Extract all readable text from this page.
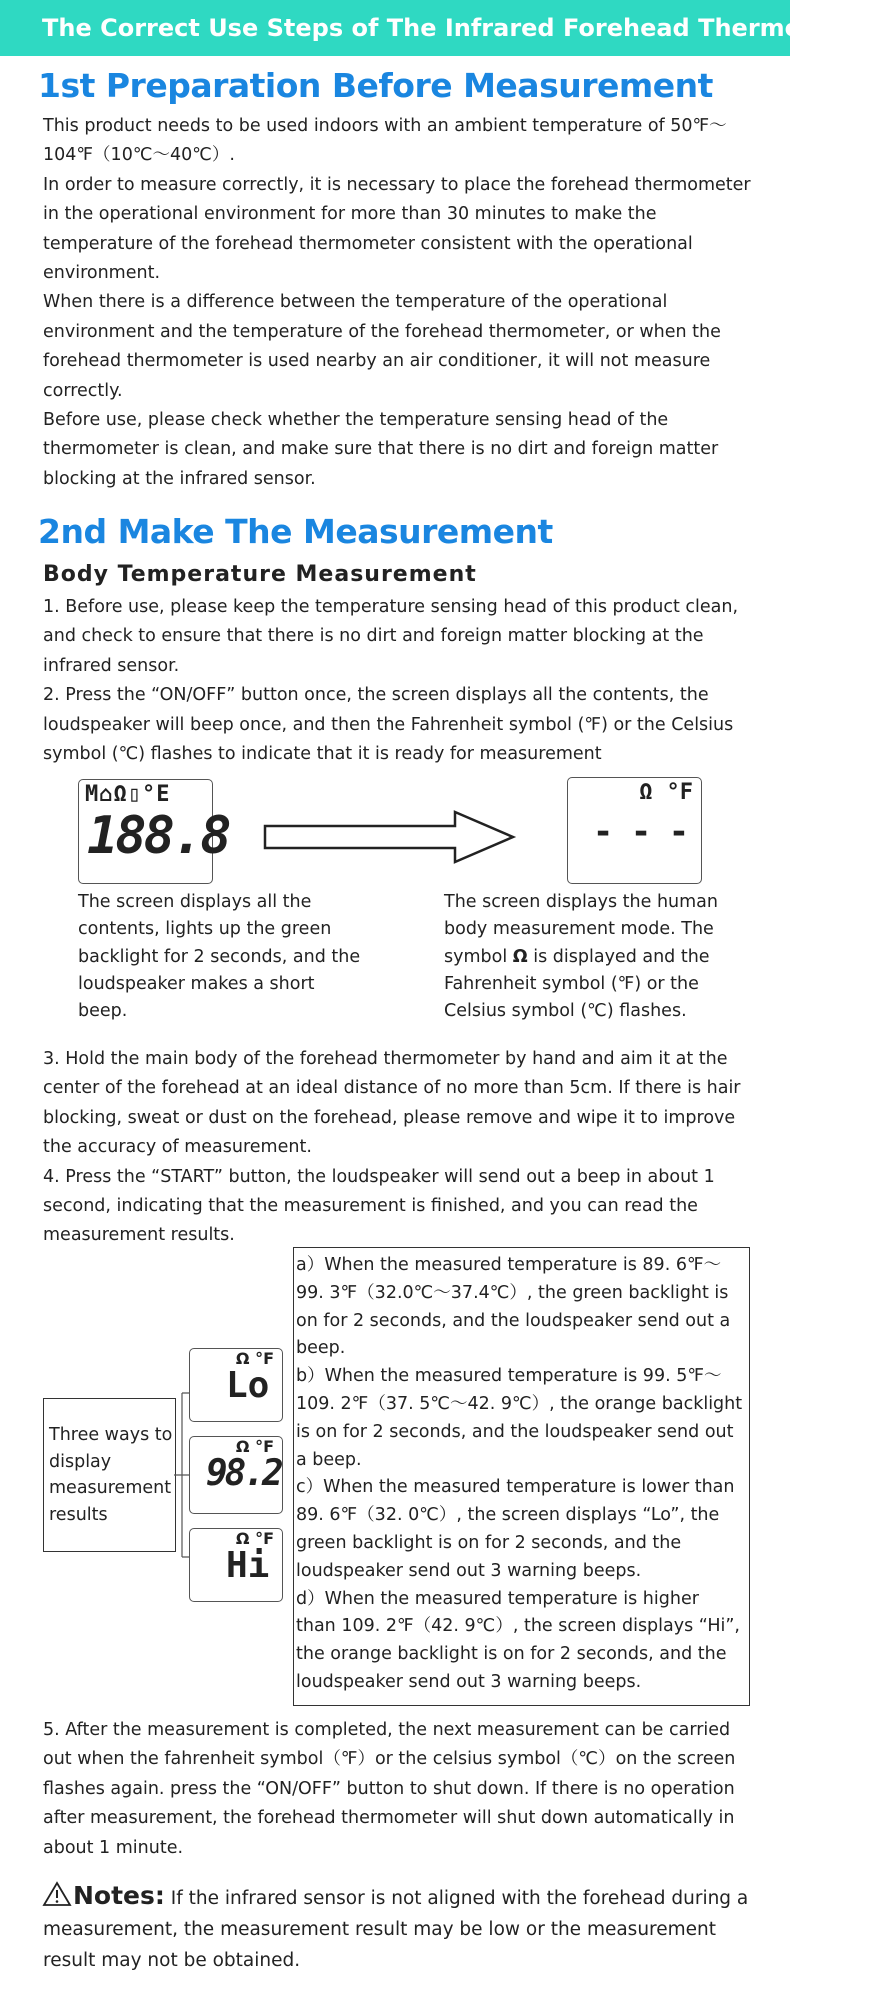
The Correct Use Steps of The Infrared Forehead Thermometer
1st Preparation Before Measurement

This product needs to be used indoors with an ambient temperature of 50℉～104℉（10℃～40℃）.

In order to measure correctly, it is necessary to place the forehead thermometer in the operational environment for more than 30 minutes to make the temperature of the forehead thermometer consistent with the operational environment.

When there is a difference between the temperature of the operational environment and the temperature of the forehead thermometer, or when the forehead thermometer is used nearby an air conditioner, it will not measure correctly.

Before use, please check whether the temperature sensing head of the thermometer is clean, and make sure that there is no dirt and foreign matter blocking at the infrared sensor.

2nd Make The Measurement
Body Temperature Measurement

1. Before use, please keep the temperature sensing head of this product clean, and check to ensure that there is no dirt and foreign matter blocking at the infrared sensor.

2. Press the “ON/OFF” button once, the screen displays all the contents, the loudspeaker will beep once, and then the Fahrenheit symbol (℉) or the Celsius symbol (℃) flashes to indicate that it is ready for measurement

M⌂Ω▯°E
188.8
Ω °F
- - -
The screen displays all the contents, lights up the green backlight for 2 seconds, and the loudspeaker makes a short beep.
The screen displays the human body measurement mode. The symbol Ω is displayed and the Fahrenheit symbol (℉) or the Celsius symbol (℃) flashes.

3. Hold the main body of the forehead thermometer by hand and aim it at the center of the forehead at an ideal distance of no more than 5cm. If there is hair blocking, sweat or dust on the forehead, please remove and wipe it to improve the accuracy of measurement.

4. Press the “START” button, the loudspeaker will send out a beep in about 1 second, indicating that the measurement is finished, and you can read the measurement results.

Three ways to display measurement results
Ω °F
Lo
Ω °F
98.2
Ω °F
Hi

a）When the measured temperature is 89. 6℉～99. 3℉（32.0℃～37.4℃）, the green backlight is on for 2 seconds, and the loudspeaker send out a beep.

b）When the measured temperature is 99. 5℉～109. 2℉（37. 5℃～42. 9℃）, the orange backlight is on for 2 seconds, and the loudspeaker send out a beep.

c）When the measured temperature is lower than 89. 6℉（32. 0℃）, the screen displays “Lo”, the green backlight is on for 2 seconds, and the loudspeaker send out 3 warning beeps.

d）When the measured temperature is higher than 109. 2℉（42. 9℃）, the screen displays “Hi”, the orange backlight is on for 2 seconds, and the loudspeaker send out 3 warning beeps.

5. After the measurement is completed, the next measurement can be carried out when the fahrenheit symbol（℉）or the celsius symbol（℃）on the screen flashes again. press the “ON/OFF” button to shut down. If there is no operation after measurement, the forehead thermometer will shut down automatically in about 1 minute.

Notes: If the infrared sensor is not aligned with the forehead during a measurement, the measurement result may be low or the measurement result may not be obtained.
